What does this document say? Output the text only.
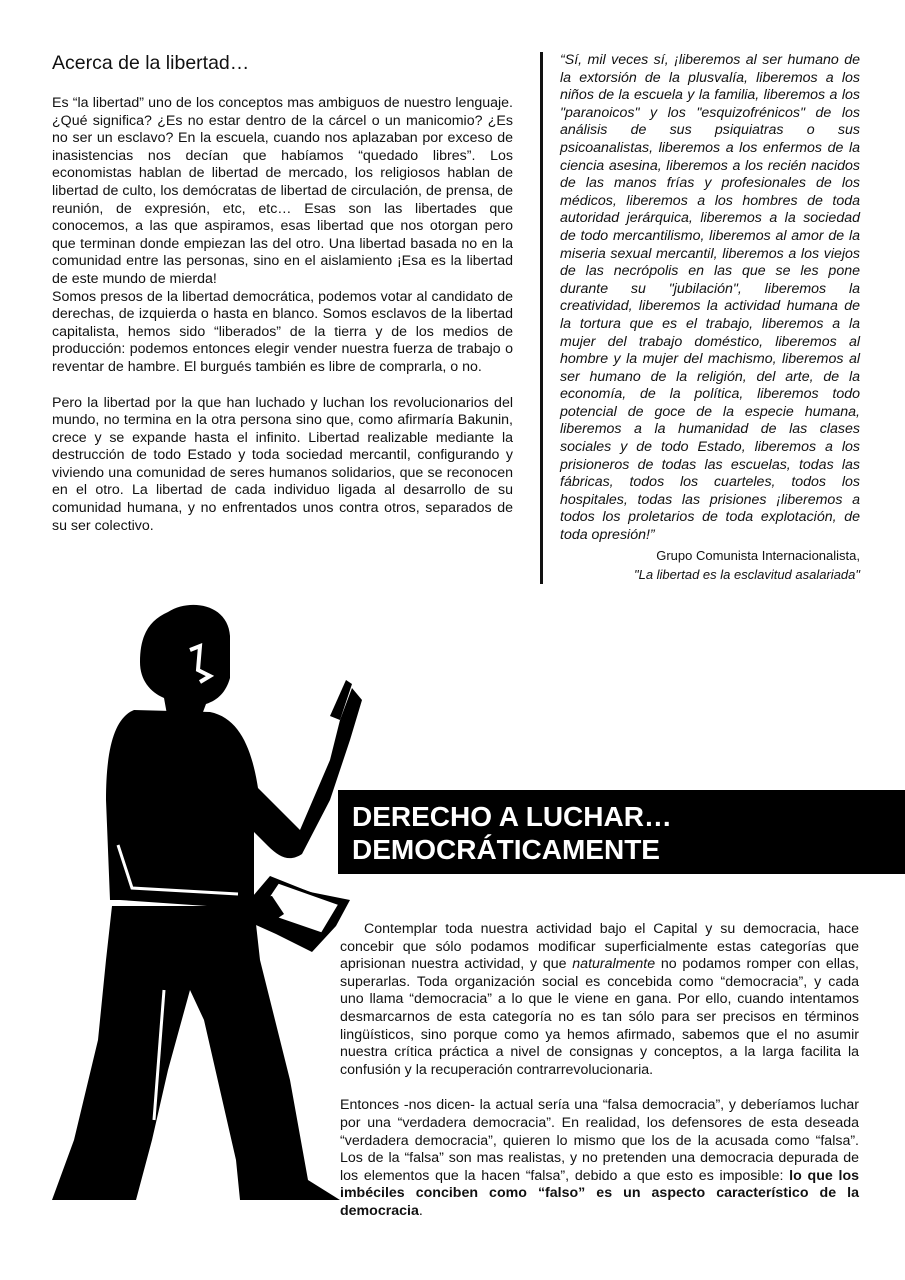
Acerca de la libertad…

Es “la libertad” uno de los conceptos mas ambiguos de nuestro lenguaje. ¿Qué significa? ¿Es no estar dentro de la cárcel o un manicomio? ¿Es no ser un esclavo? En la escuela, cuando nos aplazaban por exceso de inasistencias nos decían que habíamos “quedado libres”. Los economistas hablan de libertad de mercado, los religiosos hablan de libertad de culto, los demócratas de libertad de circulación, de prensa, de reunión, de expresión, etc, etc… Esas son las libertades que conocemos, a las que aspiramos, esas libertad que nos otorgan pero que terminan donde empiezan las del otro. Una libertad basada no en la comunidad entre las personas, sino en el aislamiento ¡Esa es la libertad de este mundo de mierda!

Somos presos de la libertad democrática, podemos votar al candidato de derechas, de izquierda o hasta en blanco. Somos esclavos de la libertad capitalista, hemos sido “liberados” de la tierra y de los medios de producción: podemos entonces elegir vender nuestra fuerza de trabajo o reventar de hambre. El burgués también es libre de comprarla, o no.

Pero la libertad por la que han luchado y luchan los revolucionarios del mundo, no termina en la otra persona sino que, como afirmaría Bakunin, crece y se expande hasta el infinito. Libertad realizable mediante la destrucción de todo Estado y toda sociedad mercantil, configurando y viviendo una comunidad de seres humanos solidarios, que se reconocen en el otro. La libertad de cada individuo ligada al desarrollo de su comunidad humana, y no enfrentados unos contra otros, separados de su ser colectivo.

“Sí, mil veces sí, ¡liberemos al ser humano de la extorsión de la plusvalía, liberemos a los niños de la escuela y la familia, liberemos a los "paranoicos" y los "esquizofrénicos" de los análisis de sus psiquiatras o sus psicoanalistas, liberemos a los enfermos de la ciencia asesina, liberemos a los recién nacidos de las manos frías y profesionales de los médicos, liberemos a los hombres de toda autoridad jerárquica, liberemos a la sociedad de todo mercantilismo, liberemos al amor de la miseria sexual mercantil, liberemos a los viejos de las necrópolis en las que se les pone durante su "jubilación", liberemos la creatividad, liberemos la actividad humana de la tortura que es el trabajo, liberemos a la mujer del trabajo doméstico, liberemos al hombre y la mujer del machismo, liberemos al ser humano de la religión, del arte, de la economía, de la política, liberemos todo potencial de goce de la especie humana, liberemos a la humanidad de las clases sociales y de todo Estado, liberemos a los prisioneros de todas las escuelas, todas las fábricas, todos los cuarteles, todos los hospitales, todas las prisiones ¡liberemos a todos los proletarios de toda explotación, de toda opresión!”

Grupo Comunista Internacionalista,
"La libertad es la esclavitud asalariada"
DERECHO A LUCHAR…
DEMOCRÁTICAMENTE

Contemplar toda nuestra actividad bajo el Capital y su democracia, hace concebir que sólo podamos modificar superficialmente estas categorías que aprisionan nuestra actividad, y que naturalmente no podamos romper con ellas, superarlas. Toda organización social es concebida como “democracia”, y cada uno llama “democracia” a lo que le viene en gana. Por ello, cuando intentamos desmarcarnos de esta categoría no es tan sólo para ser precisos en términos lingüísticos, sino porque como ya hemos afirmado, sabemos que el no asumir nuestra crítica práctica a nivel de consignas y conceptos, a la larga facilita la confusión y la recuperación contrarrevolucionaria.

Entonces -nos dicen- la actual sería una “falsa democracia”, y deberíamos luchar por una “verdadera democracia”. En realidad, los defensores de esta deseada “verdadera democracia”, quieren lo mismo que los de la acusada como “falsa”. Los de la “falsa” son mas realistas, y no pretenden una democracia depurada de los elementos que la hacen “falsa”, debido a que esto es imposible: lo que los imbéciles conciben como “falso” es un aspecto característico de la democracia.
